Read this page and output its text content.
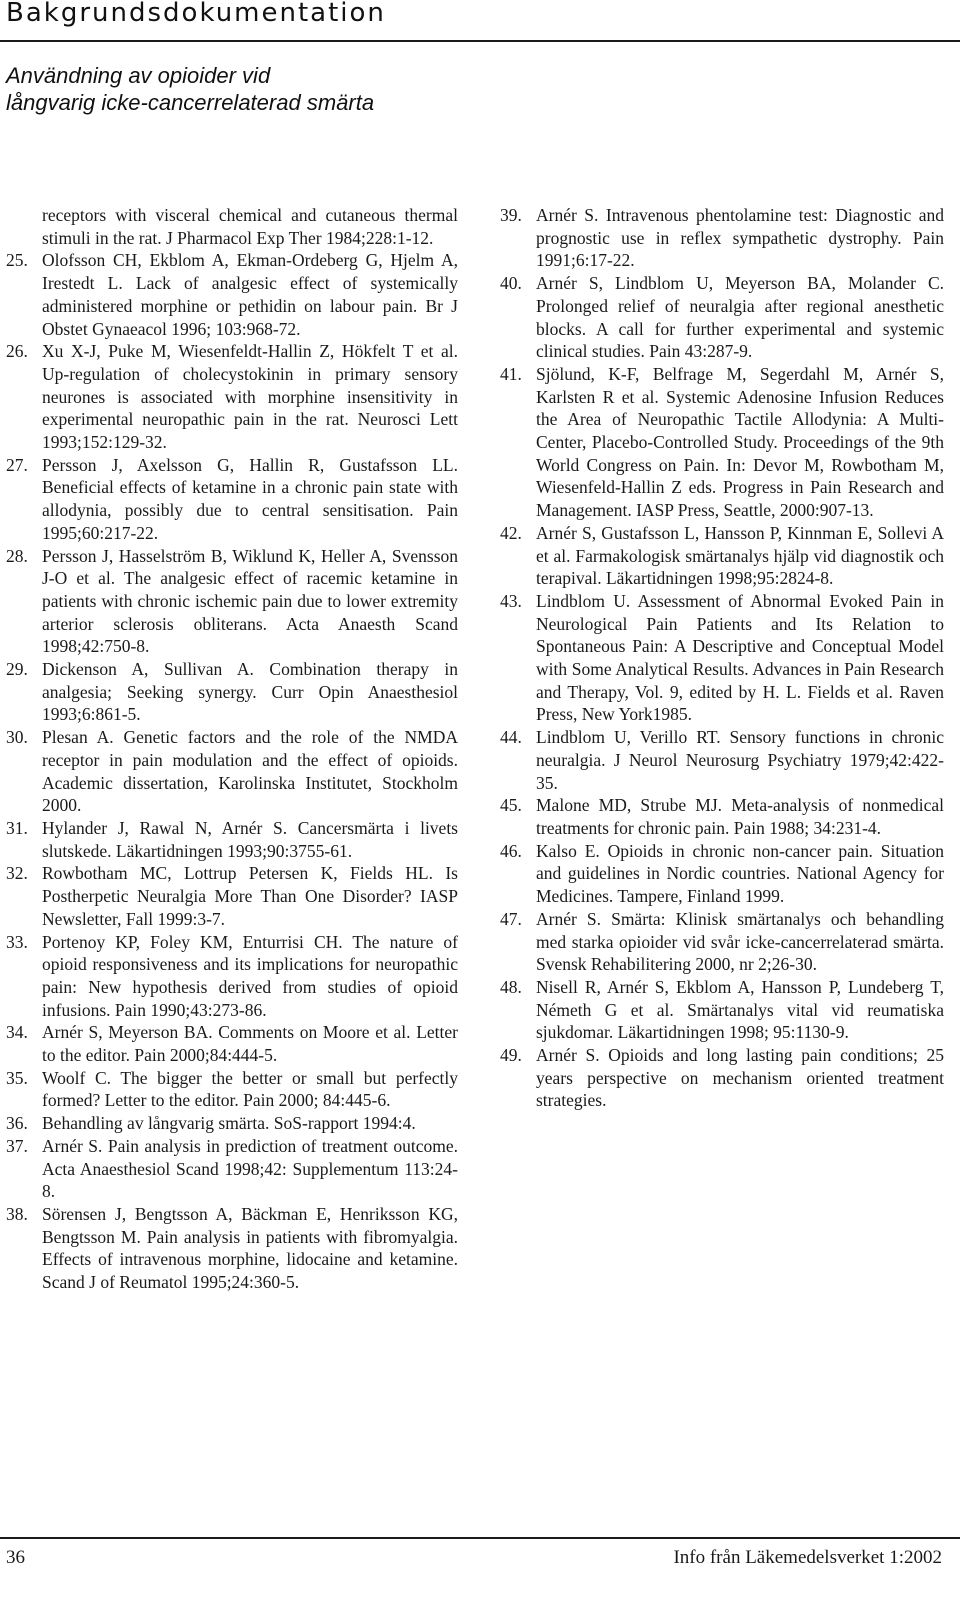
Bakgrundsdokumentation
Användning av opioider vid
långvarig icke-cancerrelaterad smärta
receptors with visceral chemical and cutaneous thermal stimuli in the rat. J Pharmacol Exp Ther 1984;228:1-12.
25. Olofsson CH, Ekblom A, Ekman-Ordeberg G, Hjelm A, Irestedt L. Lack of analgesic effect of systemically administered morphine or pethidin on labour pain. Br J Obstet Gynaeacol 1996; 103:968-72.
26. Xu X-J, Puke M, Wiesenfeldt-Hallin Z, Hökfelt T et al. Up-regulation of cholecystokinin in primary sensory neurones is associated with morphine insensitivity in experimental neuropathic pain in the rat. Neurosci Lett 1993;152:129-32.
27. Persson J, Axelsson G, Hallin R, Gustafsson LL. Beneficial effects of ketamine in a chronic pain state with allodynia, possibly due to central sensitisation. Pain 1995;60:217-22.
28. Persson J, Hasselström B, Wiklund K, Heller A, Svensson J-O et al. The analgesic effect of racemic ketamine in patients with chronic ischemic pain due to lower extremity arterior sclerosis obliterans. Acta Anaesth Scand 1998;42:750-8.
29. Dickenson A, Sullivan A. Combination therapy in analgesia; Seeking synergy. Curr Opin Anaesthesiol 1993;6:861-5.
30. Plesan A. Genetic factors and the role of the NMDA receptor in pain modulation and the effect of opioids. Academic dissertation, Karolinska Institutet, Stockholm 2000.
31. Hylander J, Rawal N, Arnér S. Cancersmärta i livets slutskede. Läkartidningen 1993;90:3755-61.
32. Rowbotham MC, Lottrup Petersen K, Fields HL. Is Postherpetic Neuralgia More Than One Disorder? IASP Newsletter, Fall 1999:3-7.
33. Portenoy KP, Foley KM, Enturrisi CH. The nature of opioid responsiveness and its implications for neuropathic pain: New hypothesis derived from studies of opioid infusions. Pain 1990;43:273-86.
34. Arnér S, Meyerson BA. Comments on Moore et al. Letter to the editor. Pain 2000;84:444-5.
35. Woolf C. The bigger the better or small but perfectly formed? Letter to the editor. Pain 2000; 84:445-6.
36. Behandling av långvarig smärta. SoS-rapport 1994:4.
37. Arnér S. Pain analysis in prediction of treatment outcome. Acta Anaesthesiol Scand 1998;42: Supplementum 113:24-8.
38. Sörensen J, Bengtsson A, Bäckman E, Henriksson KG, Bengtsson M. Pain analysis in patients with fibromyalgia. Effects of intravenous morphine, lidocaine and ketamine. Scand J of Reumatol 1995;24:360-5.
39. Arnér S. Intravenous phentolamine test: Diagnostic and prognostic use in reflex sympathetic dystrophy. Pain 1991;6:17-22.
40. Arnér S, Lindblom U, Meyerson BA, Molander C. Prolonged relief of neuralgia after regional anesthetic blocks. A call for further experimental and systemic clinical studies. Pain 43:287-9.
41. Sjölund, K-F, Belfrage M, Segerdahl M, Arnér S, Karlsten R et al. Systemic Adenosine Infusion Reduces the Area of Neuropathic Tactile Allodynia: A Multi-Center, Placebo-Controlled Study. Proceedings of the 9th World Congress on Pain. In: Devor M, Rowbotham M, Wiesenfeld-Hallin Z eds. Progress in Pain Research and Management. IASP Press, Seattle, 2000:907-13.
42. Arnér S, Gustafsson L, Hansson P, Kinnman E, Sollevi A et al. Farmakologisk smärtanalys hjälp vid diagnostik och terapival. Läkartidningen 1998;95:2824-8.
43. Lindblom U. Assessment of Abnormal Evoked Pain in Neurological Pain Patients and Its Relation to Spontaneous Pain: A Descriptive and Conceptual Model with Some Analytical Results. Advances in Pain Research and Therapy, Vol. 9, edited by H. L. Fields et al. Raven Press, New York1985.
44. Lindblom U, Verillo RT. Sensory functions in chronic neuralgia. J Neurol Neurosurg Psychiatry 1979;42:422-35.
45. Malone MD, Strube MJ. Meta-analysis of nonmedical treatments for chronic pain. Pain 1988; 34:231-4.
46. Kalso E. Opioids in chronic non-cancer pain. Situation and guidelines in Nordic countries. National Agency for Medicines. Tampere, Finland 1999.
47. Arnér S. Smärta: Klinisk smärtanalys och behandling med starka opioider vid svår icke-cancerrelaterad smärta. Svensk Rehabilitering 2000, nr 2;26-30.
48. Nisell R, Arnér S, Ekblom A, Hansson P, Lundeberg T, Németh G et al. Smärtanalys vital vid reumatiska sjukdomar. Läkartidningen 1998; 95:1130-9.
49. Arnér S. Opioids and long lasting pain conditions; 25 years perspective on mechanism oriented treatment strategies.
36	Info från Läkemedelsverket 1:2002
